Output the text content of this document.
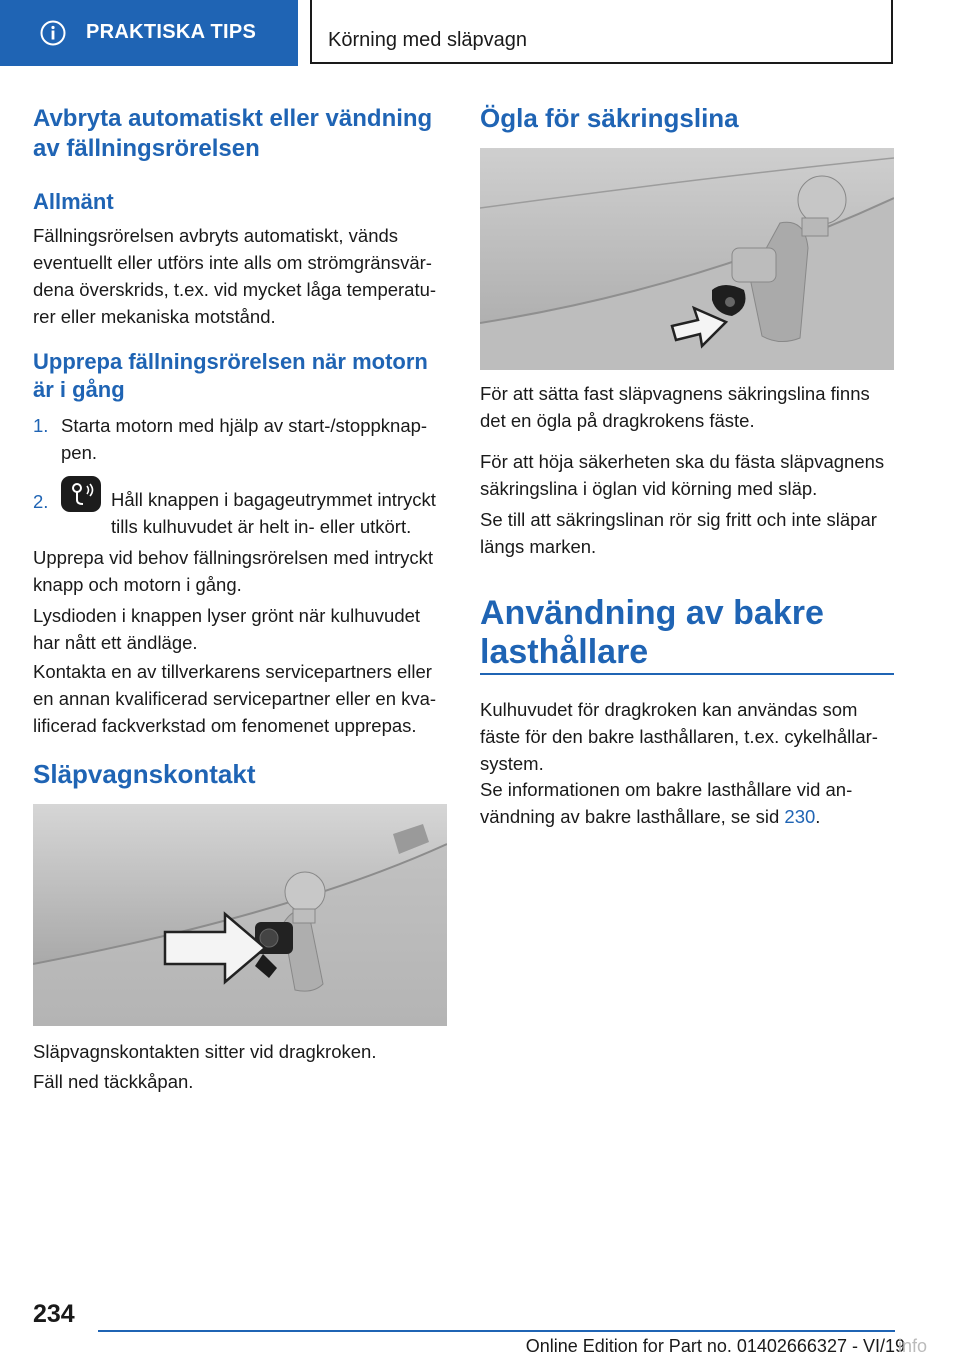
PRAKTISKA TIPS	Körning med släpvagn
Avbryta automatiskt eller vändning av fällningsrörelsen
Allmänt

Fällningsrörelsen avbryts automatiskt, vänds eventuellt eller utförs inte alls om strömgränsvär-dena överskrids, t.ex. vid mycket låga temperatu-rer eller mekaniska motstånd.

Upprepa fällningsrörelsen när motorn är i gång
1. Starta motorn med hjälp av start-/stoppknap-pen.

2.	Håll knappen i bagageutrymmet intryckt tills kulhuvudet är helt in- eller utkört.

Upprepa vid behov fällningsrörelsen med intryckt knapp och motorn i gång.

Lysdioden i knappen lyser grönt när kulhuvudet har nått ett ändläge.

Kontakta en av tillverkarens servicepartners eller en annan kvalificerad servicepartner eller en kva-lificerad fackverkstad om fenomenet upprepas.

Släpvagnskontakt

Släpvagnskontakten sitter vid dragkroken.

Fäll ned täckkåpan.

Ögla för säkringslina

För att sätta fast släpvagnens säkringslina finns det en ögla på dragkrokens fäste.

För att höja säkerheten ska du fästa släpvagnens säkringslina i öglan vid körning med släp.

Se till att säkringslinan rör sig fritt och inte släpar längs marken.

Användning av bakre lasthållare

Kulhuvudet för dragkroken kan användas som fäste för den bakre lasthållaren, t.ex. cykelhållar-system.

Se informationen om bakre lasthållare vid an-vändning av bakre lasthållare, se sid 230.

234
Online Edition for Part no. 01402666327 - VI/19
info
